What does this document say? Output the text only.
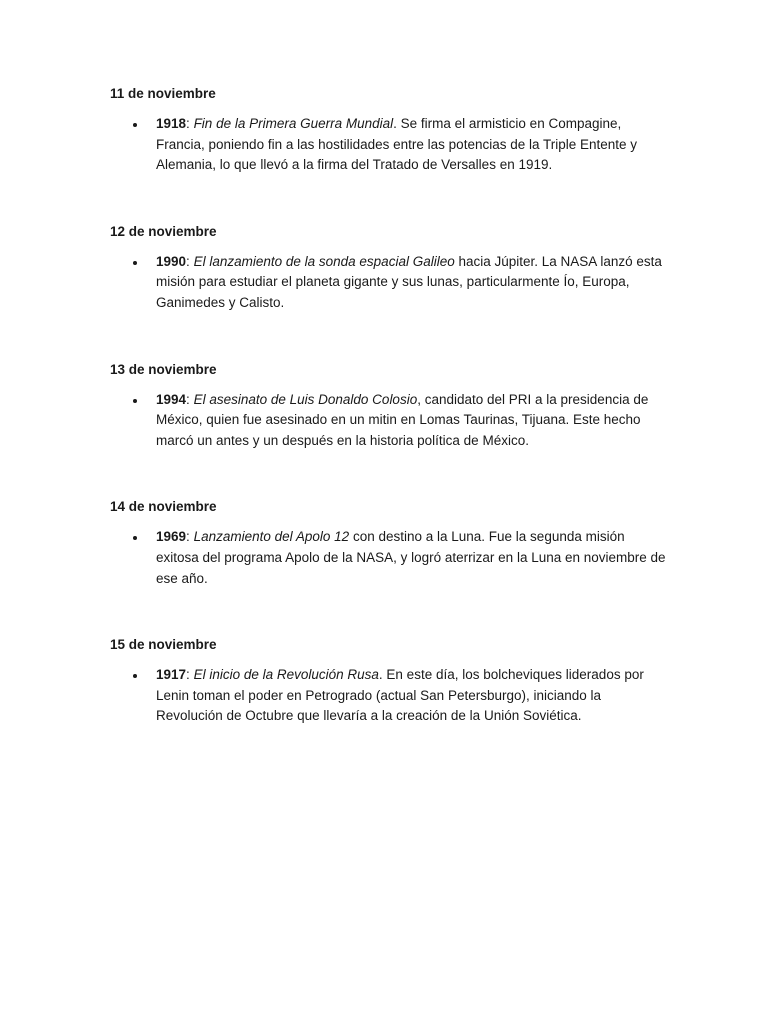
11 de noviembre
1918: Fin de la Primera Guerra Mundial. Se firma el armisticio en Compagine, Francia, poniendo fin a las hostilidades entre las potencias de la Triple Entente y Alemania, lo que llevó a la firma del Tratado de Versalles en 1919.
12 de noviembre
1990: El lanzamiento de la sonda espacial Galileo hacia Júpiter. La NASA lanzó esta misión para estudiar el planeta gigante y sus lunas, particularmente Ío, Europa, Ganimedes y Calisto.
13 de noviembre
1994: El asesinato de Luis Donaldo Colosio, candidato del PRI a la presidencia de México, quien fue asesinado en un mitin en Lomas Taurinas, Tijuana. Este hecho marcó un antes y un después en la historia política de México.
14 de noviembre
1969: Lanzamiento del Apolo 12 con destino a la Luna. Fue la segunda misión exitosa del programa Apolo de la NASA, y logró aterrizar en la Luna en noviembre de ese año.
15 de noviembre
1917: El inicio de la Revolución Rusa. En este día, los bolcheviques liderados por Lenin toman el poder en Petrogrado (actual San Petersburgo), iniciando la Revolución de Octubre que llevaría a la creación de la Unión Soviética.
